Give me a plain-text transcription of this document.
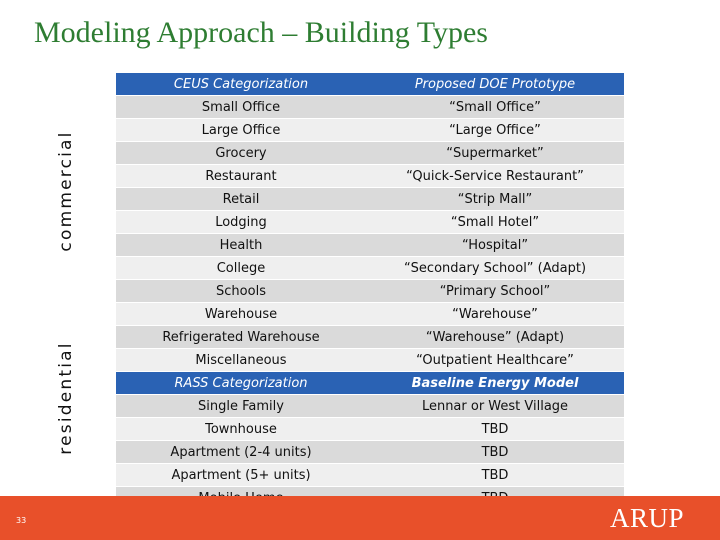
Modeling Approach – Building Types
commercial
residential
CEUS Categorization	Proposed DOE Prototype
Small Office	“Small Office”
Large Office	“Large Office”
Grocery	“Supermarket”
Restaurant	“Quick-Service Restaurant”
Retail	“Strip Mall”
Lodging	“Small Hotel”
Health	“Hospital”
College	“Secondary School” (Adapt)
Schools	“Primary School”
Warehouse	“Warehouse”
Refrigerated Warehouse	“Warehouse” (Adapt)
Miscellaneous	“Outpatient Healthcare”
RASS Categorization	Baseline Energy Model
Single Family	Lennar or West Village
Townhouse	TBD
Apartment (2-4 units)	TBD
Apartment (5+ units)	TBD

33	ARUP
